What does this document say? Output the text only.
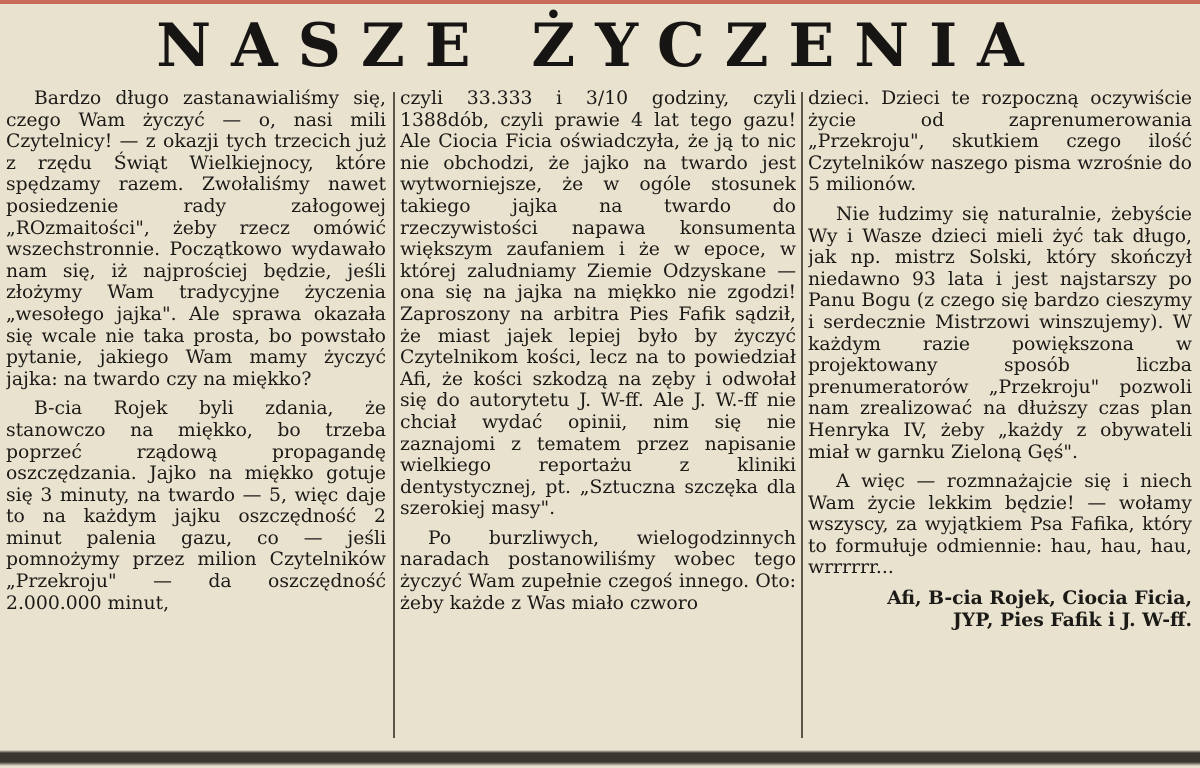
NASZE ŻYCZENIA

Bardzo długo zastanawialiśmy się, czego Wam życzyć — o, nasi mili Czytelnicy! — z okazji tych trzecich już z rzędu Świąt Wielkiejnocy, które spędzamy razem. Zwołaliśmy nawet posiedzenie rady załogowej „ROzmaitości", żeby rzecz omówić wszechstronnie. Początkowo wydawało nam się, iż najprościej będzie, jeśli złożymy Wam tradycyjne życzenia „wesołego jajka". Ale sprawa okazała się wcale nie taka prosta, bo powstało pytanie, jakiego Wam mamy życzyć jajka: na twardo czy na miękko?

B-cia Rojek byli zdania, że stanowczo na miękko, bo trzeba poprzeć rządową propagandę oszczędzania. Jajko na miękko gotuje się 3 minuty, na twardo — 5, więc daje to na każdym jajku oszczędność 2 minut palenia gazu, co — jeśli pomnożymy przez milion Czytelników „Przekroju" — da oszczędność 2.000.000 minut,

czyli 33.333 i 3/10 godziny, czyli 1388dób, czyli prawie 4 lat tego gazu! Ale Ciocia Ficia oświadczyła, że ją to nic nie obchodzi, że jajko na twardo jest wytworniejsze, że w ogóle stosunek takiego jajka na twardo do rzeczywistości napawa konsumenta większym zaufaniem i że w epoce, w której zaludniamy Ziemie Odzyskane — ona się na jajka na miękko nie zgodzi! Zaproszony na arbitra Pies Fafik sądził, że miast jajek lepiej było by życzyć Czytelnikom kości, lecz na to powiedział Afi, że kości szkodzą na zęby i odwołał się do autorytetu J. W-ff. Ale J. W.-ff nie chciał wydać opinii, nim się nie zaznajomi z tematem przez napisanie wielkiego reportażu z kliniki dentystycznej, pt. „Sztuczna szczęka dla szerokiej masy".

Po burzliwych, wielogodzinnych naradach postanowiliśmy wobec tego życzyć Wam zupełnie czegoś innego. Oto: żeby każde z Was miało czworo

dzieci. Dzieci te rozpoczną oczywiście życie od zaprenumerowania „Przekroju", skutkiem czego ilość Czytelników naszego pisma wzrośnie do 5 milionów.

Nie łudzimy się naturalnie, żebyście Wy i Wasze dzieci mieli żyć tak długo, jak np. mistrz Solski, który skończył niedawno 93 lata i jest najstarszy po Panu Bogu (z czego się bardzo cieszymy i serdecznie Mistrzowi winszujemy). W każdym razie powiększona w projektowany sposób liczba prenumeratorów „Przekroju" pozwoli nam zrealizować na dłuższy czas plan Henryka IV, żeby „każdy z obywateli miał w garnku Zieloną Gęś".

A więc — rozmnażajcie się i niech Wam życie lekkim będzie! — wołamy wszyscy, za wyjątkiem Psa Fafika, który to formułuje odmiennie: hau, hau, hau, wrrrrrr...

Afi, B-cia Rojek, Ciocia Ficia,
JYP, Pies Fafik i J. W-ff.
